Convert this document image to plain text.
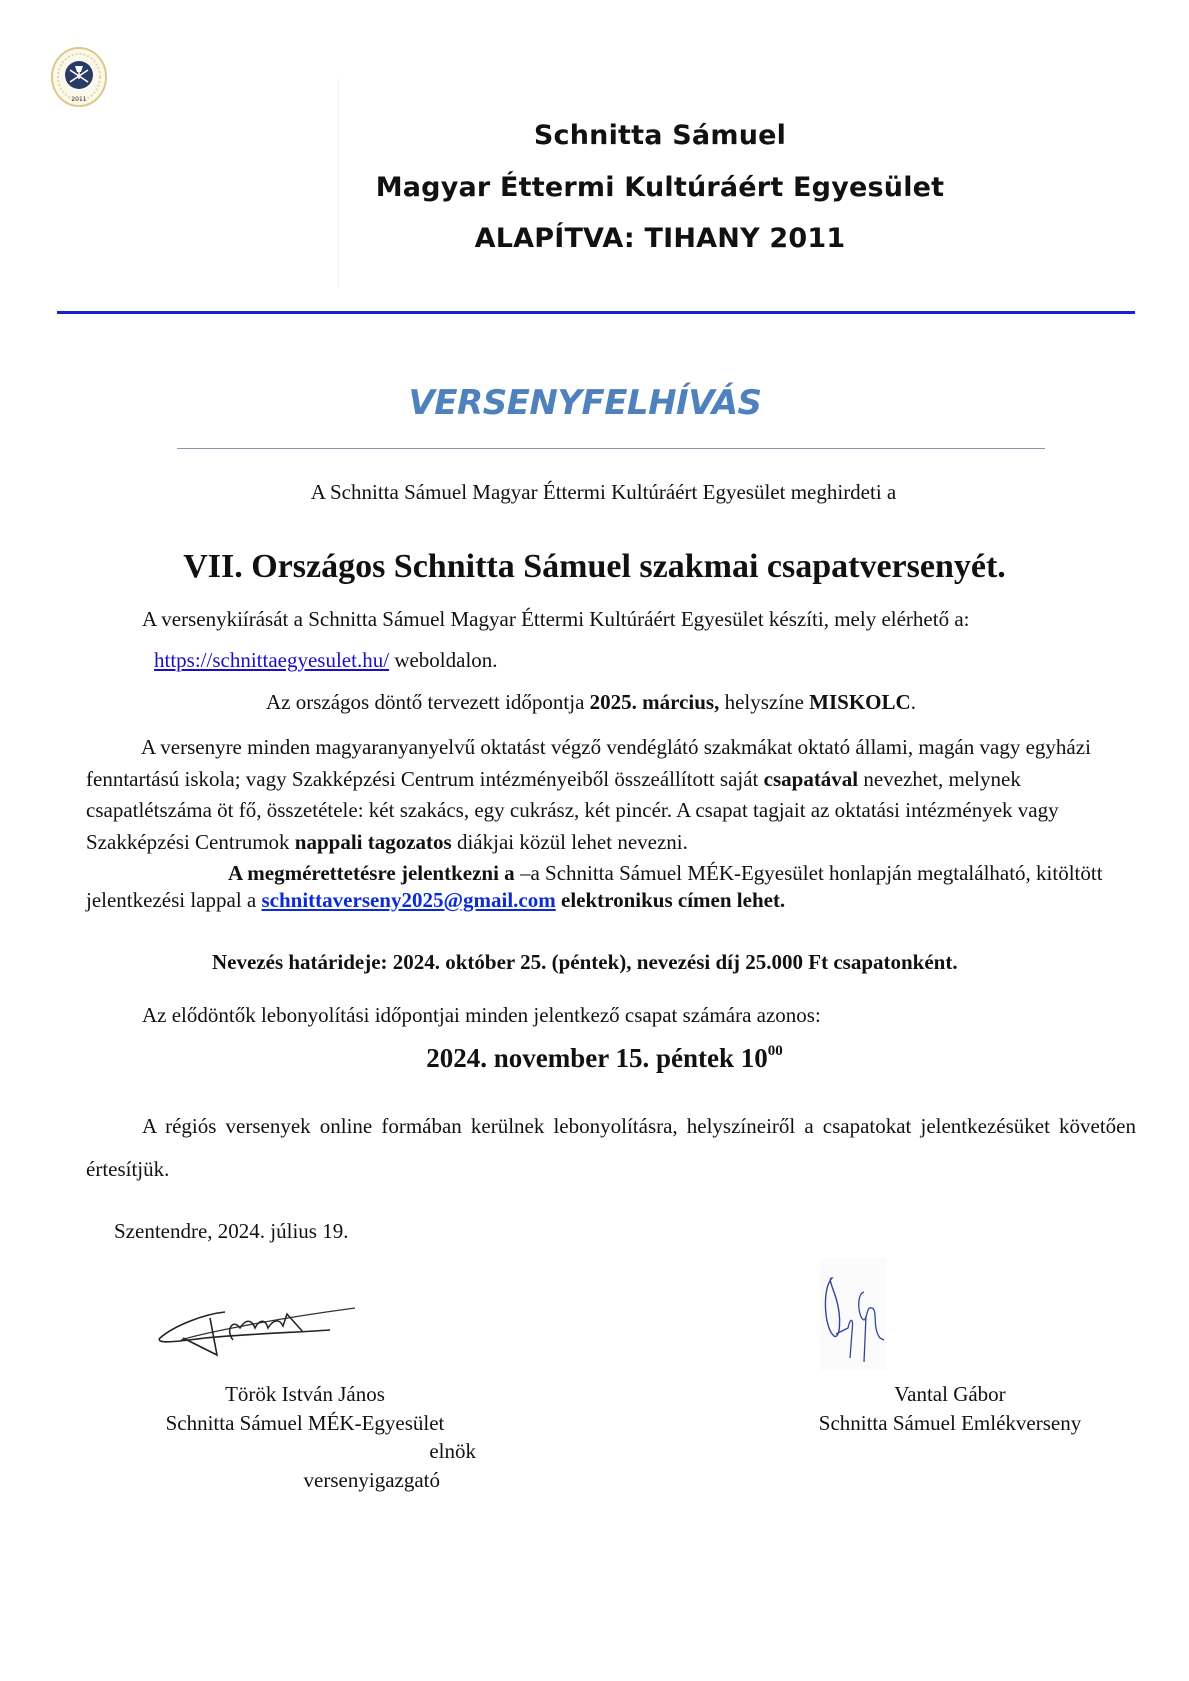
2011
Schnitta Sámuel
Magyar Éttermi Kultúráért Egyesület
ALAPÍTVA: TIHANY 2011
VERSENYFELHÍVÁS
A Schnitta Sámuel Magyar Éttermi Kultúráért Egyesület meghirdeti a
VII. Országos Schnitta Sámuel szakmai csapatversenyét.
A versenykiírását a Schnitta Sámuel Magyar Éttermi Kultúráért Egyesület készíti, mely elérhető a:
https://schnittaegyesulet.hu/ weboldalon.
Az országos döntő tervezett időpontja 2025. március, helyszíne MISKOLC.
A versenyre minden magyaranyanyelvű oktatást végző vendéglátó szakmákat oktató állami, magán vagy egyházi fenntartású iskola; vagy Szakképzési Centrum intézményeiből összeállított saját csapatával nevezhet, melynek csapatlétszáma öt fő, összetétele: két szakács, egy cukrász, két pincér. A csapat tagjait az oktatási intézmények vagy Szakképzési Centrumok nappali tagozatos diákjai közül lehet nevezni.
A megmérettetésre jelentkezni a –a Schnitta Sámuel MÉK-Egyesület honlapján megtalálható, kitöltött jelentkezési lappal a schnittaverseny2025@gmail.com elektronikus címen lehet.
Nevezés határideje: 2024. október 25. (péntek), nevezési díj 25.000 Ft csapatonként.
Az elődöntők lebonyolítási időpontjai minden jelentkező csapat számára azonos:
2024. november 15. péntek $10^{00}$
A régiós versenyek online formában kerülnek lebonyolításra, helyszíneiről a csapatokat jelentkezésüket követően értesítjük.
Szentendre, 2024. július 19.
Török István János
Schnitta Sámuel MÉK-Egyesület
elnök
versenyigazgató
Vantal Gábor
Schnitta Sámuel Emlékverseny
